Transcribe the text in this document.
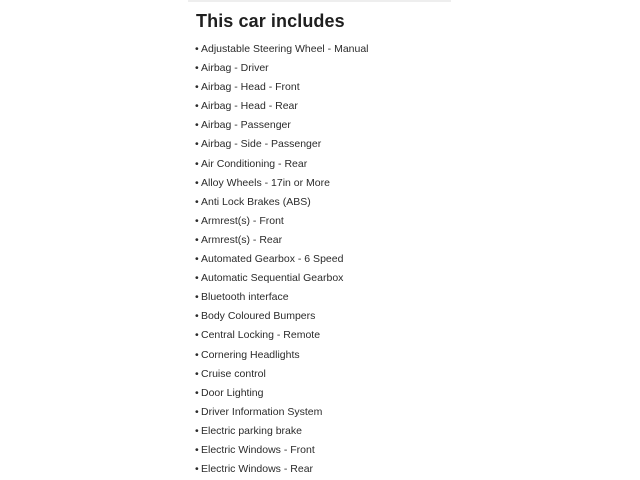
This car includes
• Adjustable Steering Wheel - Manual
• Airbag - Driver
• Airbag - Head - Front
• Airbag - Head - Rear
• Airbag - Passenger
• Airbag - Side - Passenger
• Air Conditioning - Rear
• Alloy Wheels - 17in or More
• Anti Lock Brakes (ABS)
• Armrest(s) - Front
• Armrest(s) - Rear
• Automated Gearbox - 6 Speed
• Automatic Sequential Gearbox
• Bluetooth interface
• Body Coloured Bumpers
• Central Locking - Remote
• Cornering Headlights
• Cruise control
• Door Lighting
• Driver Information System
• Electric parking brake
• Electric Windows - Front
• Electric Windows - Rear
